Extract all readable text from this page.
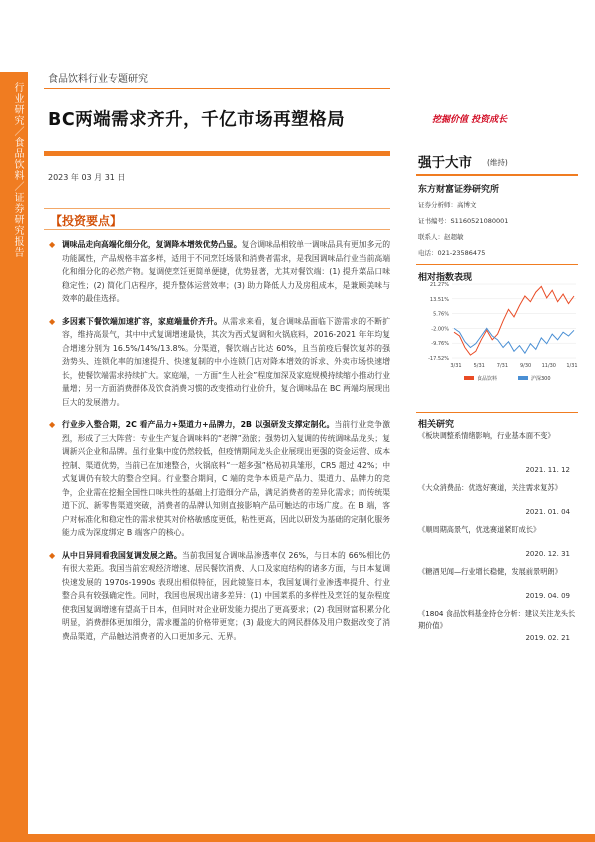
行业研究／食品饮料／证券研究报告
食品饮料行业专题研究
BC两端需求齐升，千亿市场再塑格局	挖掘价值 投资成长
2023 年 03 月 31 日
【投资要点】
◆ 调味品走向高端化细分化，复调降本增效优势凸显。复合调味品相较单一调味品具有更加多元的功能属性，产品规格丰富多样，适用于不同烹饪场景和消费者需求，是我国调味品行业当前高端化和细分化的必然产物。复调使烹饪更简单便捷，优势显著，尤其对餐饮端：(1) 提升菜品口味稳定性；(2) 简化门店程序，提升整体运营效率；(3) 助力降低人力及房租成本，是兼顾美味与效率的最佳选择。
◆ 多因素下餐饮端加速扩容，家庭端量价齐升。从需求来看，复合调味品面临下游需求的不断扩容，维持高景气，其中中式复调增速最快，其次为西式复调和火锅底料，2016-2021 年年均复合增速分别为 16.5%/14%/13.8%。分渠道，餐饮端占比达 60%，且当前疫后餐饮复苏的强劲势头、连锁化率的加速提升、快速复制的中小连锁门店对降本增效的诉求、外卖市场快速增长，使餐饮端需求持续扩大。家庭端，一方面“生人社会”程度加深及家庭规模持续缩小推动行业量增；另一方面消费群体及饮食消费习惯的改变推动行业价升，复合调味品在 BC 两端均展现出巨大的发展潜力。
◆ 行业步入整合期，2C 看产品力+渠道力+品牌力，2B 以强研发支撑定制化。当前行业竞争激烈，形成了三大阵营：专业生产复合调味料的“老牌”劲旅；强势切入复调的传统调味品龙头；复调新兴企业和品牌。虽行业集中度仍然较低，但疫情期间龙头企业展现出更强的资金运营、成本控制、渠道优势，当前已在加速整合，火锅底料“一超多强”格局初具雏形，CR5 超过 42%；中式复调仍有较大的整合空间。行业整合期间，C 端的竞争本质是产品力、渠道力、品牌力的竞争，企业需在挖掘全国性口味共性的基础上打造细分产品，满足消费者的差异化需求；而传统渠道下沉、新零售渠道突破，消费者的品牌认知则直接影响产品可触达的市场广度。在 B 端，客户对标准化和稳定性的需求使其对价格敏感度更低，粘性更高，因此以研发为基础的定制化服务能力成为深度绑定 B 端客户的核心。
◆ 从中日异同看我国复调发展之路。当前我国复合调味品渗透率仅 26%，与日本的 66%相比仍有很大差距。我国当前宏观经济增速、居民餐饮消费、人口及家庭结构的诸多方面，与日本复调快速发展的 1970s-1990s 表现出相似特征，因此镜鉴日本，我国复调行业渗透率提升、行业整合具有较强确定性。同时，我国也展现出诸多差异：(1) 中国菜系的多样性及烹饪的复杂程度使我国复调增速有望高于日本，但同时对企业研发能力提出了更高要求；(2) 我国财富积累分化明显，消费群体更加细分，需求覆盖的价格带更宽；(3) 最庞大的网民群体及用户数据改变了消费品渠道，产品触达消费者的入口更加多元、无界。
强于大市 (维持)
东方财富证券研究所
证券分析师：高博文
证书编号：S1160521080001
联系人：赵超敏
电话：021-23586475
相对指数表现
21.27%
13.51%
5.76%
-2.00%
-9.76%
-17.52%
3/31 5/31 7/31 9/30 11/30 1/31
食品饮料	沪深300
相关研究
《板块调整系情绪影响，行业基本面不变》
2021. 11. 12
《大众消费品：优选好赛道，关注需求复苏》
2021. 01. 04
《顺周期高景气，优选赛道紧盯成长》
2020. 12. 31
《糖酒见闻—行业增长稳健，发展前景明朗》
2019. 04. 09
《1804 食品饮料基金持仓分析：建议关注龙头长期价值》
2019. 02. 21
